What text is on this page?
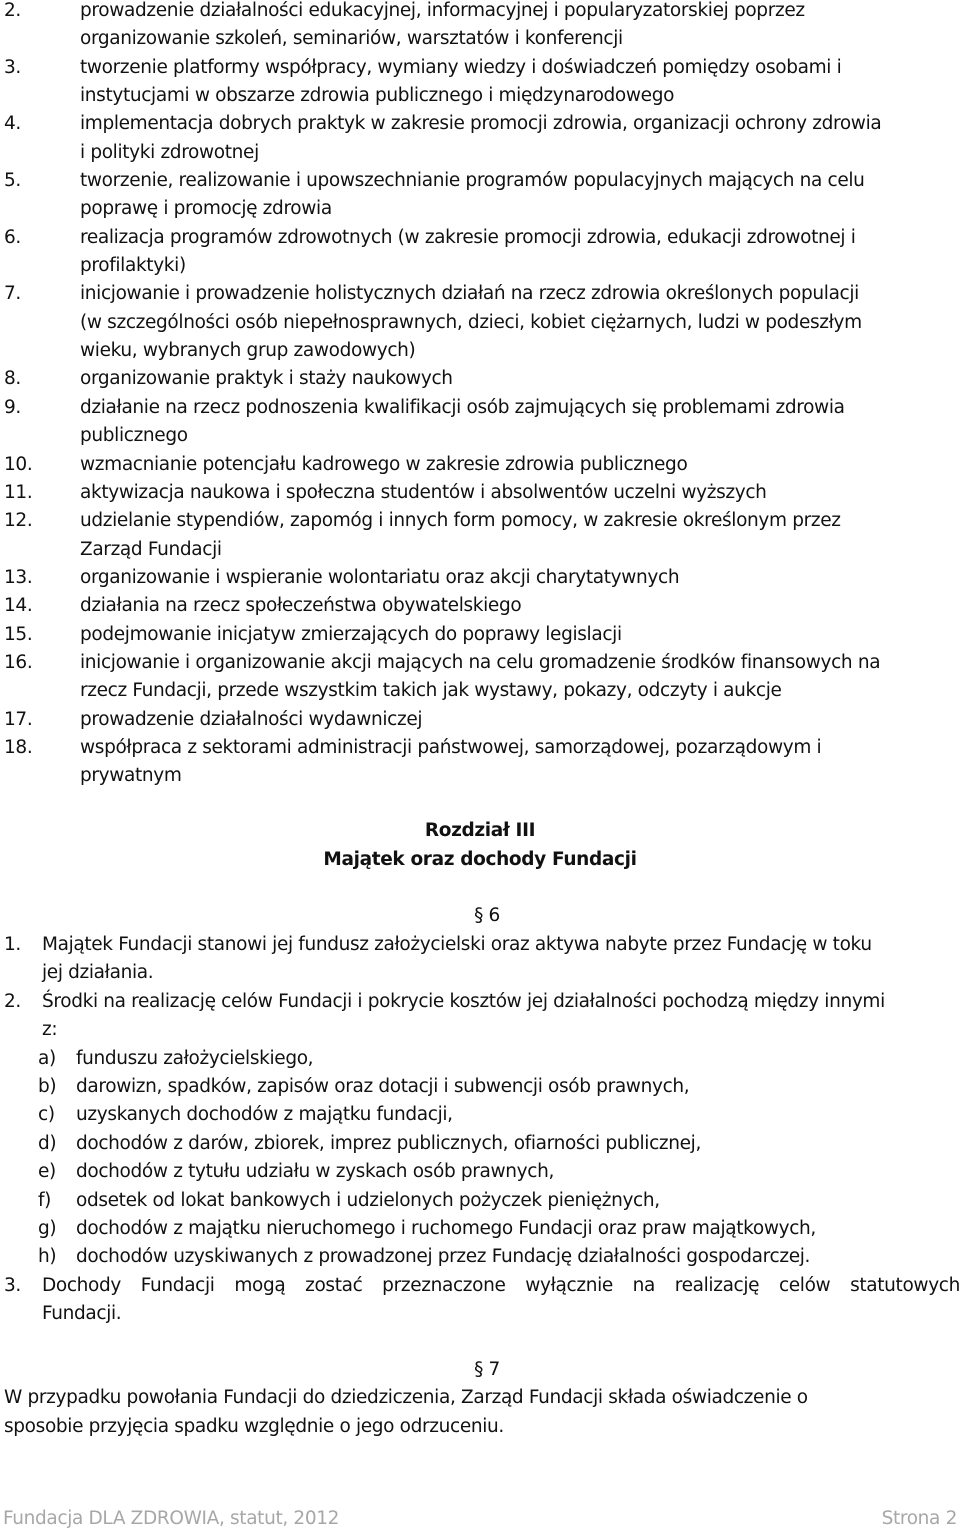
2.	prowadzenie działalności edukacyjnej, informacyjnej i popularyzatorskiej poprzez
organizowanie szkoleń, seminariów, warsztatów i konferencji
3.	tworzenie platformy współpracy, wymiany wiedzy i doświadczeń pomiędzy osobami i
instytucjami w obszarze zdrowia publicznego i międzynarodowego
4.	implementacja dobrych praktyk w zakresie promocji zdrowia, organizacji ochrony zdrowia
i polityki zdrowotnej
5.	tworzenie, realizowanie i upowszechnianie programów populacyjnych mających na celu
poprawę i promocję zdrowia
6.	realizacja programów zdrowotnych (w zakresie promocji zdrowia, edukacji zdrowotnej i
profilaktyki)
7.	inicjowanie i prowadzenie holistycznych działań na rzecz zdrowia określonych populacji
(w szczególności osób niepełnosprawnych, dzieci, kobiet ciężarnych, ludzi w podeszłym
wieku, wybranych grup zawodowych)
8.	organizowanie praktyk i staży naukowych
9.	działanie na rzecz podnoszenia kwalifikacji osób zajmujących się problemami zdrowia
publicznego
10.	wzmacnianie potencjału kadrowego w zakresie zdrowia publicznego
11.	aktywizacja naukowa i społeczna studentów i absolwentów uczelni wyższych
12.	udzielanie stypendiów, zapomóg i innych form pomocy, w zakresie określonym przez
Zarząd Fundacji
13.	organizowanie i wspieranie wolontariatu oraz akcji charytatywnych
14.	działania na rzecz społeczeństwa obywatelskiego
15.	podejmowanie inicjatyw zmierzających do poprawy legislacji
16.	inicjowanie i organizowanie akcji mających na celu gromadzenie środków finansowych na
rzecz Fundacji, przede wszystkim takich jak wystawy, pokazy, odczyty i aukcje
17.	prowadzenie działalności wydawniczej
18.	współpraca z sektorami administracji państwowej, samorządowej, pozarządowym i
prywatnym
Rozdział III
Majątek oraz dochody Fundacji
§ 6
1. Majątek Fundacji stanowi jej fundusz założycielski oraz aktywa nabyte przez Fundację w toku
jej działania.
2. Środki na realizację celów Fundacji i pokrycie kosztów jej działalności pochodzą między innymi
z:
a) funduszu założycielskiego,
b) darowizn, spadków, zapisów oraz dotacji i subwencji osób prawnych,
c) uzyskanych dochodów z majątku fundacji,
d) dochodów z darów, zbiorek, imprez publicznych, ofiarności publicznej,
e) dochodów z tytułu udziału w zyskach osób prawnych,
f) odsetek od lokat bankowych i udzielonych pożyczek pieniężnych,
g) dochodów z majątku nieruchomego i ruchomego Fundacji oraz praw majątkowych,
h) dochodów uzyskiwanych z prowadzonej przez Fundację działalności gospodarczej.
3. Dochody Fundacji mogą zostać przeznaczone wyłącznie na realizację celów statutowych
Fundacji.
§ 7
W przypadku powołania Fundacji do dziedziczenia, Zarząd Fundacji składa oświadczenie o
sposobie przyjęcia spadku względnie o jego odrzuceniu.
Fundacja DLA ZDROWIA, statut, 2012	Strona 2
